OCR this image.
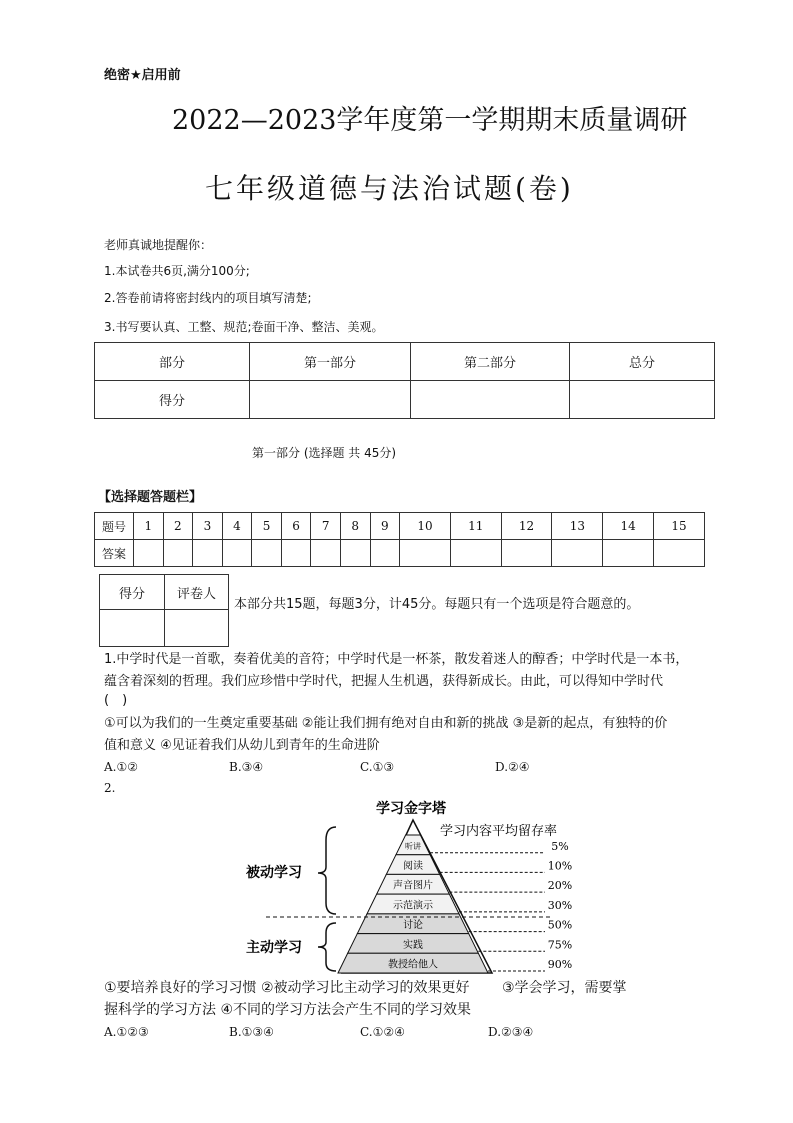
绝密★启用前
2022—2023学年度第一学期期末质量调研
七年级道德与法治试题(卷)
老师真诚地提醒你：
1.本试卷共6页,满分100分;
2.答卷前请将密封线内的项目填写清楚;
3.书写要认真、工整、规范;卷面干净、整洁、美观。
部分	第一部分	第二部分	总分
得分			
第一部分 (选择题 共 45分)
【选择题答题栏】
题号	1	2	3	4	5	6	7	8	9	10	11	12	13	14	15
答案															
得分	评卷人

本部分共15题，每题3分，计45分。每题只有一个选项是符合题意的。
1.中学时代是一首歌，奏着优美的音符；中学时代是一杯茶，散发着迷人的醇香；中学时代是一本书，
蕴含着深刻的哲理。我们应珍惜中学时代，把握人生机遇，获得新成长。由此，可以得知中学时代
(　)
①可以为我们的一生奠定重要基础 ②能让我们拥有绝对自由和新的挑战 ③是新的起点，有独特的价
值和意义 ④见证着我们从幼儿到青年的生命进阶
A.①②	B.③④	C.①③	D.②④
2.
学习金字塔
学习内容平均留存率
听讲	5%
阅读	10%
声音图片	20%
示范演示	30%
讨论	50%
实践	75%
教授给他人	90%
被动学习
主动学习
①要培养良好的学习习惯 ②被动学习比主动学习的效果更好　　 ③学会学习，需要掌
握科学的学习方法 ④不同的学习方法会产生不同的学习效果
A.①②③	B.①③④	C.①②④	D.②③④
